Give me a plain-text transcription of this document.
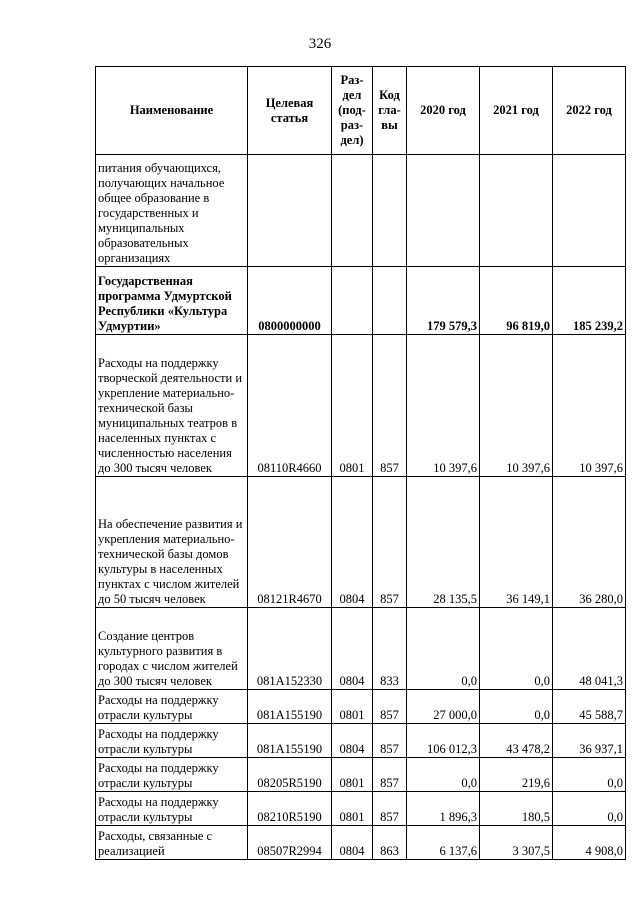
326
Наименование	Целевая статья	Раз-дел (под-раз-дел)	Код гла-вы	2020 год	2021 год	2022 год
питания обучающихся, получающих начальное общее образование в государственных и муниципальных образовательных организациях						
Государственная программа Удмуртской Республики «Культура Удмуртии»	0800000000			179 579,3	96 819,0	185 239,2
Расходы на поддержку творческой деятельности и укрепление материально-технической базы муниципальных театров в населенных пунктах с численностью населения до 300 тысяч человек	08110R4660	0801	857	10 397,6	10 397,6	10 397,6
На обеспечение развития и укрепления материально-технической базы домов культуры в населенных пунктах с числом жителей до 50 тысяч человек	08121R4670	0804	857	28 135,5	36 149,1	36 280,0
Создание центров культурного развития в городах с числом жителей до 300 тысяч человек	081A152330	0804	833	0,0	0,0	48 041,3
Расходы на поддержку отрасли культуры	081A155190	0801	857	27 000,0	0,0	45 588,7
Расходы на поддержку отрасли культуры	081A155190	0804	857	106 012,3	43 478,2	36 937,1
Расходы на поддержку отрасли культуры	08205R5190	0801	857	0,0	219,6	0,0
Расходы на поддержку отрасли культуры	08210R5190	0801	857	1 896,3	180,5	0,0
Расходы, связанные с реализацией	08507R2994	0804	863	6 137,6	3 307,5	4 908,0
